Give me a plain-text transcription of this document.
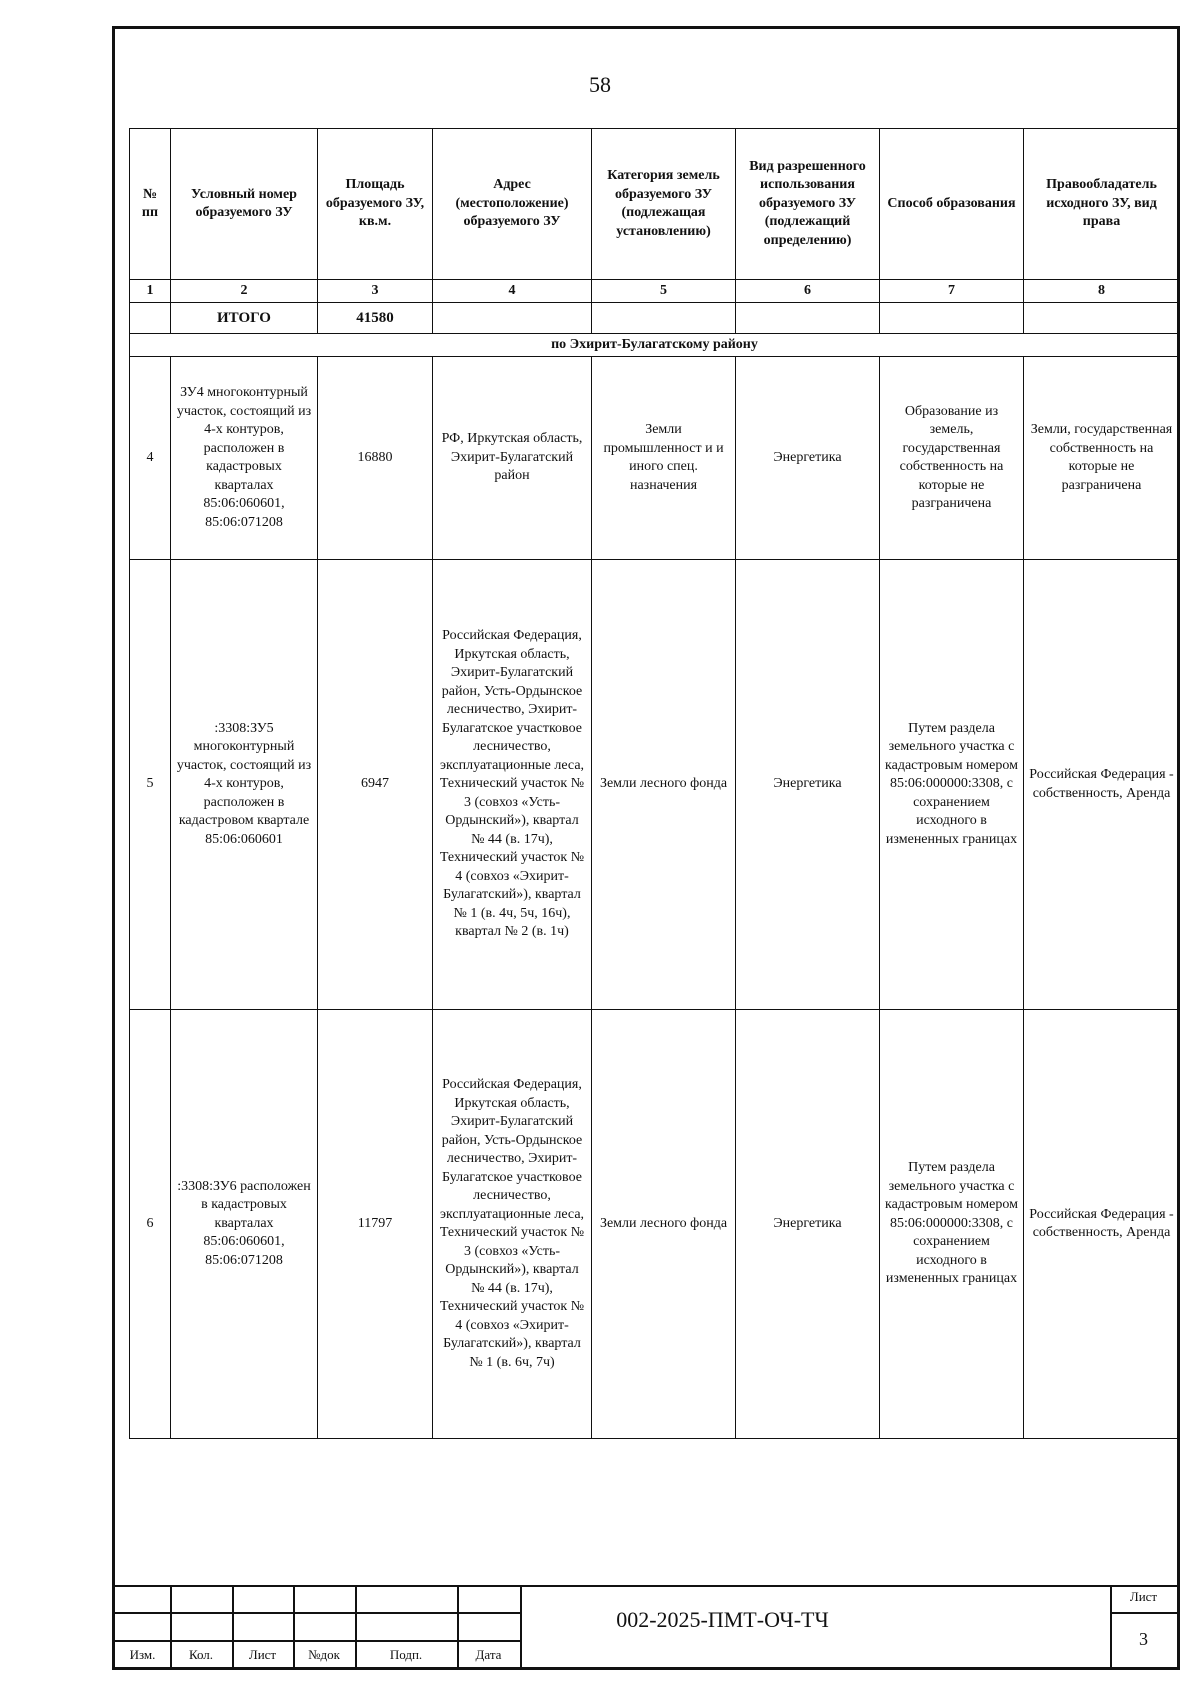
58
№ пп	Условный номер образуемого ЗУ	Площадь образуемого ЗУ, кв.м.	Адрес (местоположение) образуемого ЗУ	Категория земель образуемого ЗУ (подлежащая установлению)	Вид разрешенного использования образуемого ЗУ (подлежащий определению)	Способ образования	Правообладатель исходного ЗУ, вид права
1	2	3	4	5	6	7	8
	ИТОГО	41580					
по Эхирит-Булагатскому району							
4	ЗУ4 многоконтурный участок, состоящий из 4-х контуров, расположен в кадастровых кварталах 85:06:060601, 85:06:071208	16880	РФ, Иркутская область, Эхирит-Булагатский район	Земли промышленност и и иного спец. назначения	Энергетика	Образование из земель, государственная собственность на которые не разграничена	Земли, государственная собственность на которые не разграничена
5	:3308:ЗУ5 многоконтурный участок, состоящий из 4-х контуров, расположен в кадастровом квартале 85:06:060601	6947	Российская Федерация, Иркутская область, Эхирит-Булагатский район, Усть-Ордынское лесничество, Эхирит-Булагатское участковое лесничество, эксплуатационные леса, Технический участок № 3 (совхоз «Усть-Ордынский»), квартал № 44 (в. 17ч), Технический участок № 4 (совхоз «Эхирит-Булагатский»), квартал № 1 (в. 4ч, 5ч, 16ч), квартал № 2 (в. 1ч)	Земли лесного фонда	Энергетика	Путем раздела земельного участка с кадастровым номером 85:06:000000:3308, с сохранением исходного в измененных границах	Российская Федерация - собственность, Аренда
6	:3308:ЗУ6 расположен в кадастровых кварталах 85:06:060601, 85:06:071208	11797	Российская Федерация, Иркутская область, Эхирит-Булагатский район, Усть-Ордынское лесничество, Эхирит-Булагатское участковое лесничество, эксплуатационные леса, Технический участок № 3 (совхоз «Усть-Ордынский»), квартал № 44 (в. 17ч), Технический участок № 4 (совхоз «Эхирит-Булагатский»), квартал № 1 (в. 6ч, 7ч)	Земли лесного фонда	Энергетика	Путем раздела земельного участка с кадастровым номером 85:06:000000:3308, с сохранением исходного в измененных границах	Российская Федерация - собственность, Аренда
Изм.	Кол.	Лист	№док	Подп.	Дата
002-2025-ПМТ-ОЧ-ТЧ
Лист
3
